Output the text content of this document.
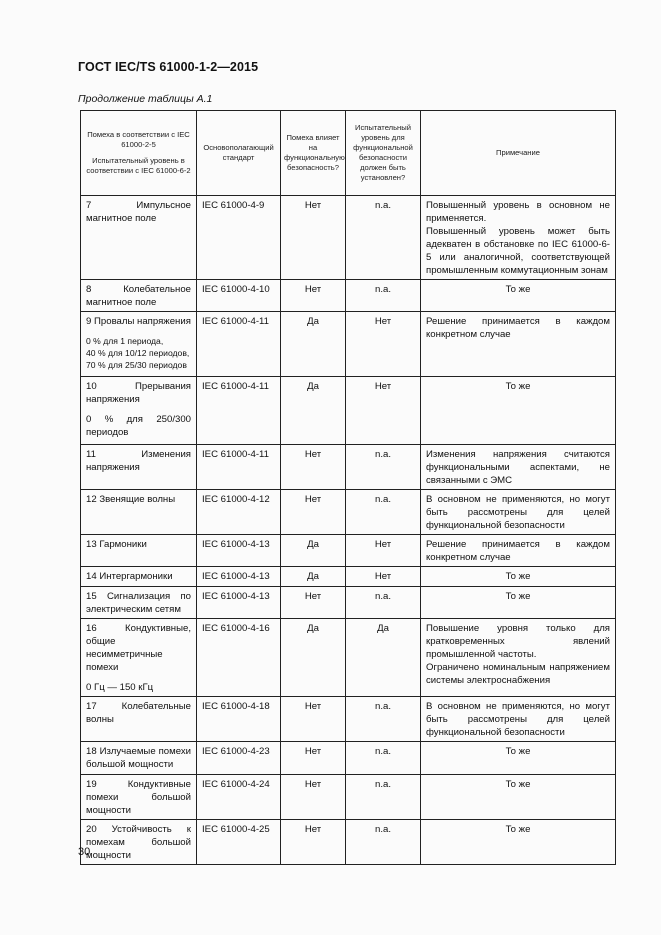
ГОСТ IEC/TS 61000-1-2—2015
Продолжение таблицы А.1
Помеха в соответствии с IEC 61000-2-5
Испытательный уровень в соответствии с IEC 61000-6-2	Основополагающий стандарт	Помеха влияет на функциональную безопасность?	Испытательный уровень для функциональной безопасности должен быть установлен?	Примечание

7 Импульсное магнитное поле	IEC 61000-4-9	Нет	n.a.	Повышенный уровень в основном не применяется.
Повышенный уровень может быть адекватен в обстановке по IEC 61000-6-5 или аналогичной, соответствующей промышленным коммутационным зонам

8 Колебательное магнитное поле	IEC 61000-4-10	Нет	n.a.	То же
9 Провалы напряжения
0 % для 1 периода,
40 % для 10/12 периодов,
70 % для 25/30 периодов	IEC 61000-4-11	Да	Нет	Решение принимается в каждом конкретном случае
10 Прерывания напряжения
0 % для 250/300 периодов	IEC 61000-4-11	Да	Нет	То же
11 Изменения напряжения	IEC 61000-4-11	Нет	n.a.	Изменения напряжения считаются функциональными аспектами, не связанными с ЭМС
12 Звенящие волны	IEC 61000-4-12	Нет	n.a.	В основном не применяются, но могут быть рассмотрены для целей функциональной безопасности
13 Гармоники	IEC 61000-4-13	Да	Нет	Решение принимается в каждом конкретном случае
14 Интергармоники	IEC 61000-4-13	Да	Нет	То же
15 Сигнализация по электрическим сетям	IEC 61000-4-13	Нет	n.a.	То же
16 Кондуктивные, общие несимметричные помехи
0 Гц — 150 кГц	IEC 61000-4-16	Да	Да	Повышение уровня только для кратковременных явлений промышленной частоты.
Ограничено номинальным напряжением системы электроснабжения

17 Колебательные волны	IEC 61000-4-18	Нет	n.a.	В основном не применяются, но могут быть рассмотрены для целей функциональной безопасности
18 Излучаемые помехи большой мощности	IEC 61000-4-23	Нет	n.a.	То же
19 Кондуктивные помехи большой мощности	IEC 61000-4-24	Нет	n.a.	То же
20 Устойчивость к помехам большой мощности	IEC 61000-4-25	Нет	n.a.	То же
30
